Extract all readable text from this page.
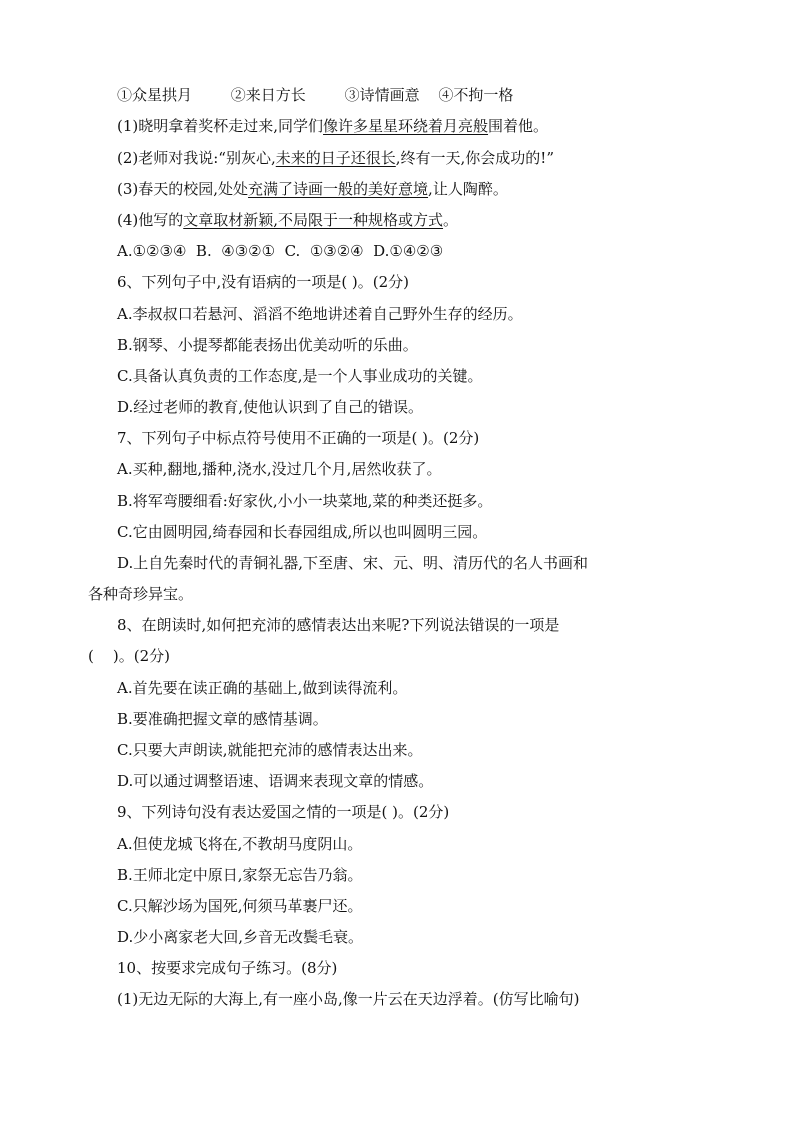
①众星拱月	②来日方长	③诗情画意 ④不拘一格
(1)晓明拿着奖杯走过来,同学们像许多星星环绕着月亮般围着他。
(2)老师对我说:“别灰心,未来的日子还很长,终有一天,你会成功的!”
(3)春天的校园,处处充满了诗画一般的美好意境,让人陶醉。
(4)他写的文章取材新颖,不局限于一种规格或方式。
A.①②③④  B.  ④③②①  C.  ①③②④  D.①④②③
6、下列句子中,没有语病的一项是( )。(2分)
A.李叔叔口若悬河、滔滔不绝地讲述着自己野外生存的经历。
B.钢琴、小提琴都能表扬出优美动听的乐曲。
C.具备认真负责的工作态度,是一个人事业成功的关键。
D.经过老师的教育,使他认识到了自己的错误。
7、下列句子中标点符号使用不正确的一项是( )。(2分)
A.买种,翻地,播种,浇水,没过几个月,居然收获了。
B.将军弯腰细看:好家伙,小小一块菜地,菜的种类还挺多。
C.它由圆明园,绮春园和长春园组成,所以也叫圆明三园。
D.上自先秦时代的青铜礼器,下至唐、宋、元、明、清历代的名人书画和
各种奇珍异宝。
8、在朗读时,如何把充沛的感情表达出来呢?下列说法错误的一项是
(    )。(2分)
A.首先要在读正确的基础上,做到读得流利。
B.要准确把握文章的感情基调。
C.只要大声朗读,就能把充沛的感情表达出来。
D.可以通过调整语速、语调来表现文章的情感。
9、下列诗句没有表达爱国之情的一项是( )。(2分)
A.但使龙城飞将在,不教胡马度阴山。
B.王师北定中原日,家祭无忘告乃翁。
C.只解沙场为国死,何须马革裹尸还。
D.少小离家老大回,乡音无改鬓毛衰。
10、按要求完成句子练习。(8分)
(1)无边无际的大海上,有一座小岛,像一片云在天边浮着。(仿写比喻句)
